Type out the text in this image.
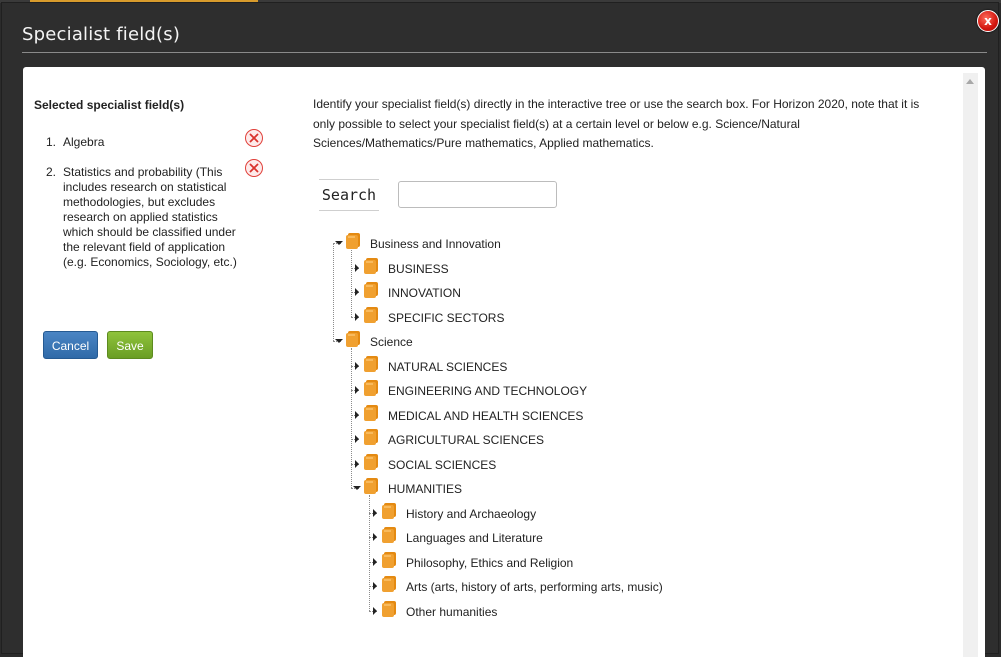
Specialist field(s)
x
Selected specialist field(s)
1. Algebra
2. Statistics and probability (This includes research on statistical methodologies, but excludes research on applied statistics which should be classified under the relevant field of application (e.g. Economics, Sociology, etc.)
Cancel	Save
Identify your specialist field(s) directly in the interactive tree or use the search box. For Horizon 2020, note that it is only possible to select your specialist field(s) at a certain level or below e.g. Science/Natural Sciences/Mathematics/Pure mathematics, Applied mathematics.
Search
Business and Innovation
BUSINESS
INNOVATION
SPECIFIC SECTORS
Science
NATURAL SCIENCES
ENGINEERING AND TECHNOLOGY
MEDICAL AND HEALTH SCIENCES
AGRICULTURAL SCIENCES
SOCIAL SCIENCES
HUMANITIES
History and Archaeology
Languages and Literature
Philosophy, Ethics and Religion
Arts (arts, history of arts, performing arts, music)
Other humanities
